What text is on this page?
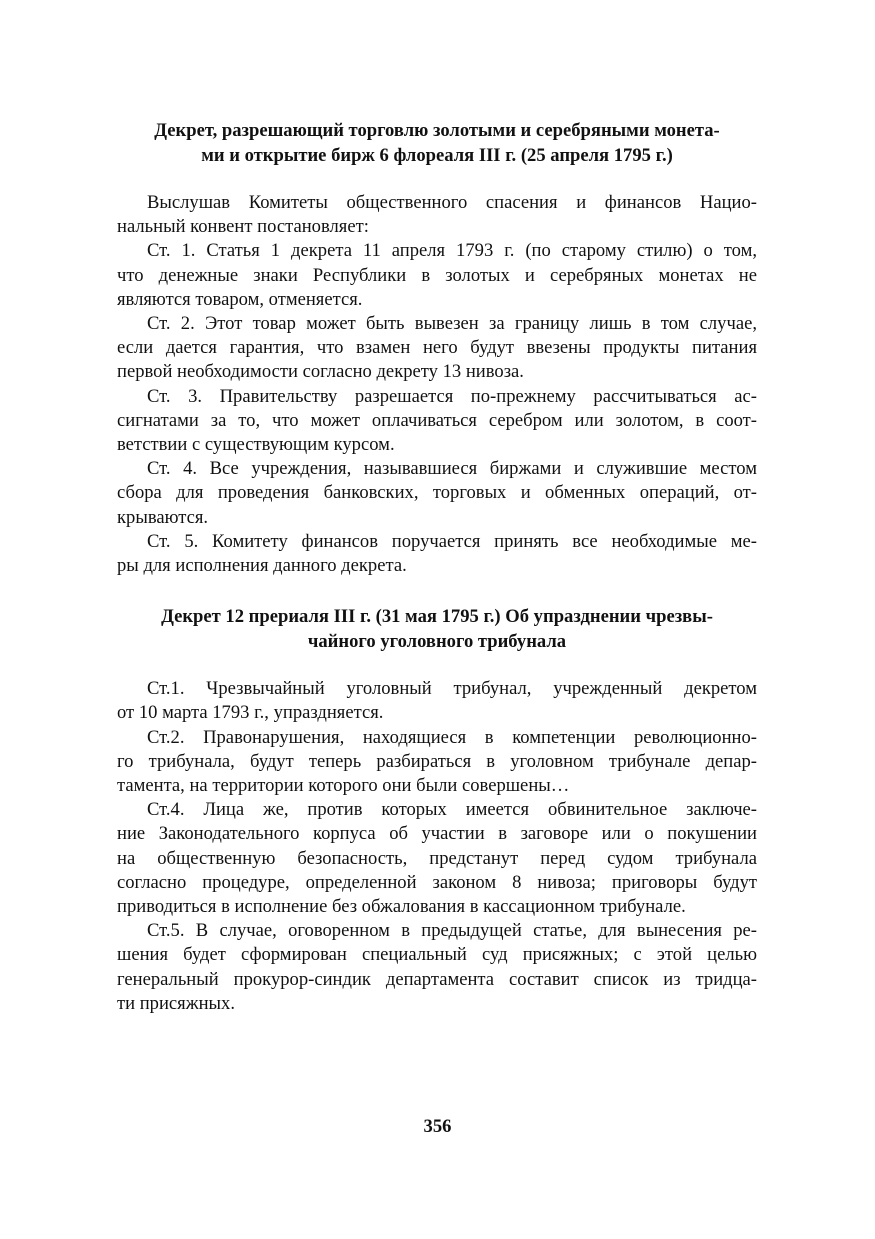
Декрет, разрешающий торговлю золотыми и серебряными монета-
ми и открытие бирж 6 флореаля III г. (25 апреля 1795 г.)

Выслушав Комитеты общественного спасения и финансов Нацио-
нальный конвент постановляет:

Ст. 1. Статья 1 декрета 11 апреля 1793 г. (по старому стилю) о том,
что денежные знаки Республики в золотых и серебряных монетах не
являются товаром, отменяется.

Ст. 2. Этот товар может быть вывезен за границу лишь в том случае,
если дается гарантия, что взамен него будут ввезены продукты питания
первой необходимости согласно декрету 13 нивоза.

Ст. 3. Правительству разрешается по-прежнему рассчитываться ас-
сигнатами за то, что может оплачиваться серебром или золотом, в соот-
ветствии с существующим курсом.

Ст. 4. Все учреждения, называвшиеся биржами и служившие местом
сбора для проведения банковских, торговых и обменных операций, от-
крываются.

Ст. 5. Комитету финансов поручается принять все необходимые ме-
ры для исполнения данного декрета.

Декрет 12 прериаля III г. (31 мая 1795 г.) Об упразднении чрезвы-
чайного уголовного трибунала

Ст.1. Чрезвычайный уголовный трибунал, учрежденный декретом
от 10 марта 1793 г., упраздняется.

Ст.2. Правонарушения, находящиеся в компетенции революционно-
го трибунала, будут теперь разбираться в уголовном трибунале депар-
тамента, на территории которого они были совершены…

Ст.4. Лица же, против которых имеется обвинительное заключе-
ние Законодательного корпуса об участии в заговоре или о покушении
на общественную безопасность, предстанут перед судом трибунала
согласно процедуре, определенной законом 8 нивоза; приговоры будут
приводиться в исполнение без обжалования в кассационном трибунале.

Ст.5. В случае, оговоренном в предыдущей статье, для вынесения ре-
шения будет сформирован специальный суд присяжных; с этой целью
генеральный прокурор-синдик департамента составит список из тридца-
ти присяжных.

356
